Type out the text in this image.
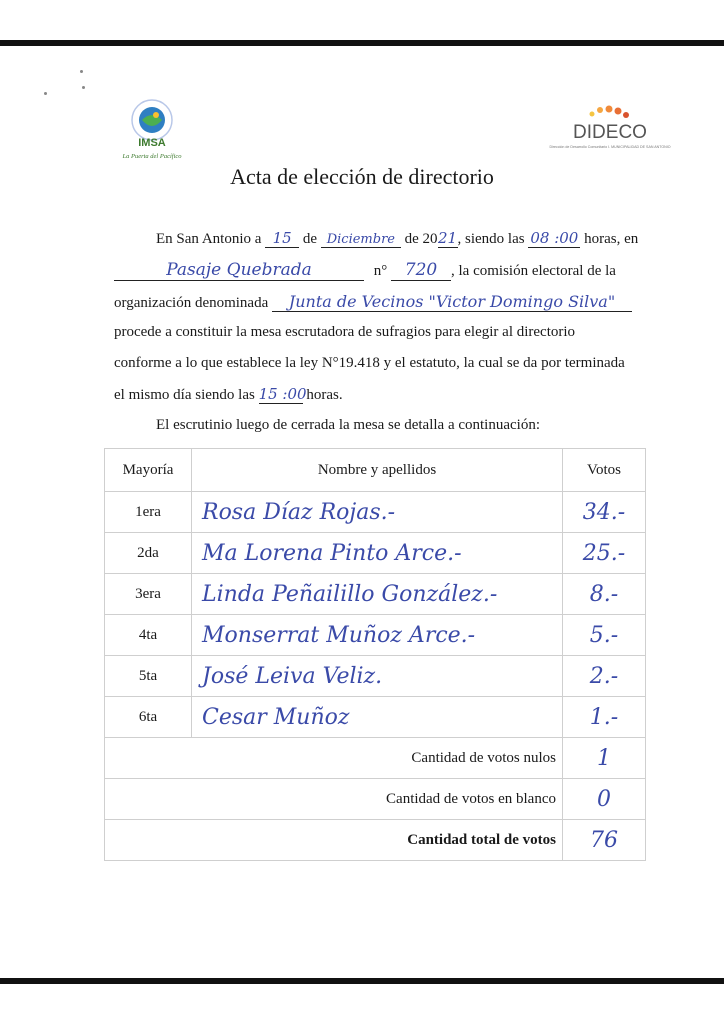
IMSA
La Puerta del Pacífico
DIDECO
Dirección de Desarrollo Comunitario I. MUNICIPALIDAD DE SAN ANTONIO
Acta de elección de directorio
En San Antonio a 15 de Diciembre de 2021, siendo las 08 :00 horas, en
Pasaje Quebrada	n° 720 , la comisión electoral de la
organización denominada Junta de Vecinos "Victor Domingo Silva"
procede a constituir la mesa escrutadora de sufragios para elegir al directorio
conforme a lo que establece la ley N°19.418 y el estatuto, la cual se da por terminada
el mismo día siendo las 15 :00 horas.
El escrutinio luego de cerrada la mesa se detalla a continuación:
Mayoría	Nombre y apellidos	Votos
1era	Rosa Díaz Rojas.-	34.-
2da	Ma Lorena Pinto Arce.-	25.-
3era	Linda Peñailillo González.-	8.-
4ta	Monserrat Muñoz Arce.-	5.-
5ta	José Leiva Veliz.	2.-
6ta	Cesar Muñoz	1.-
Cantidad de votos nulos		1
Cantidad de votos en blanco		0
Cantidad total de votos		76
